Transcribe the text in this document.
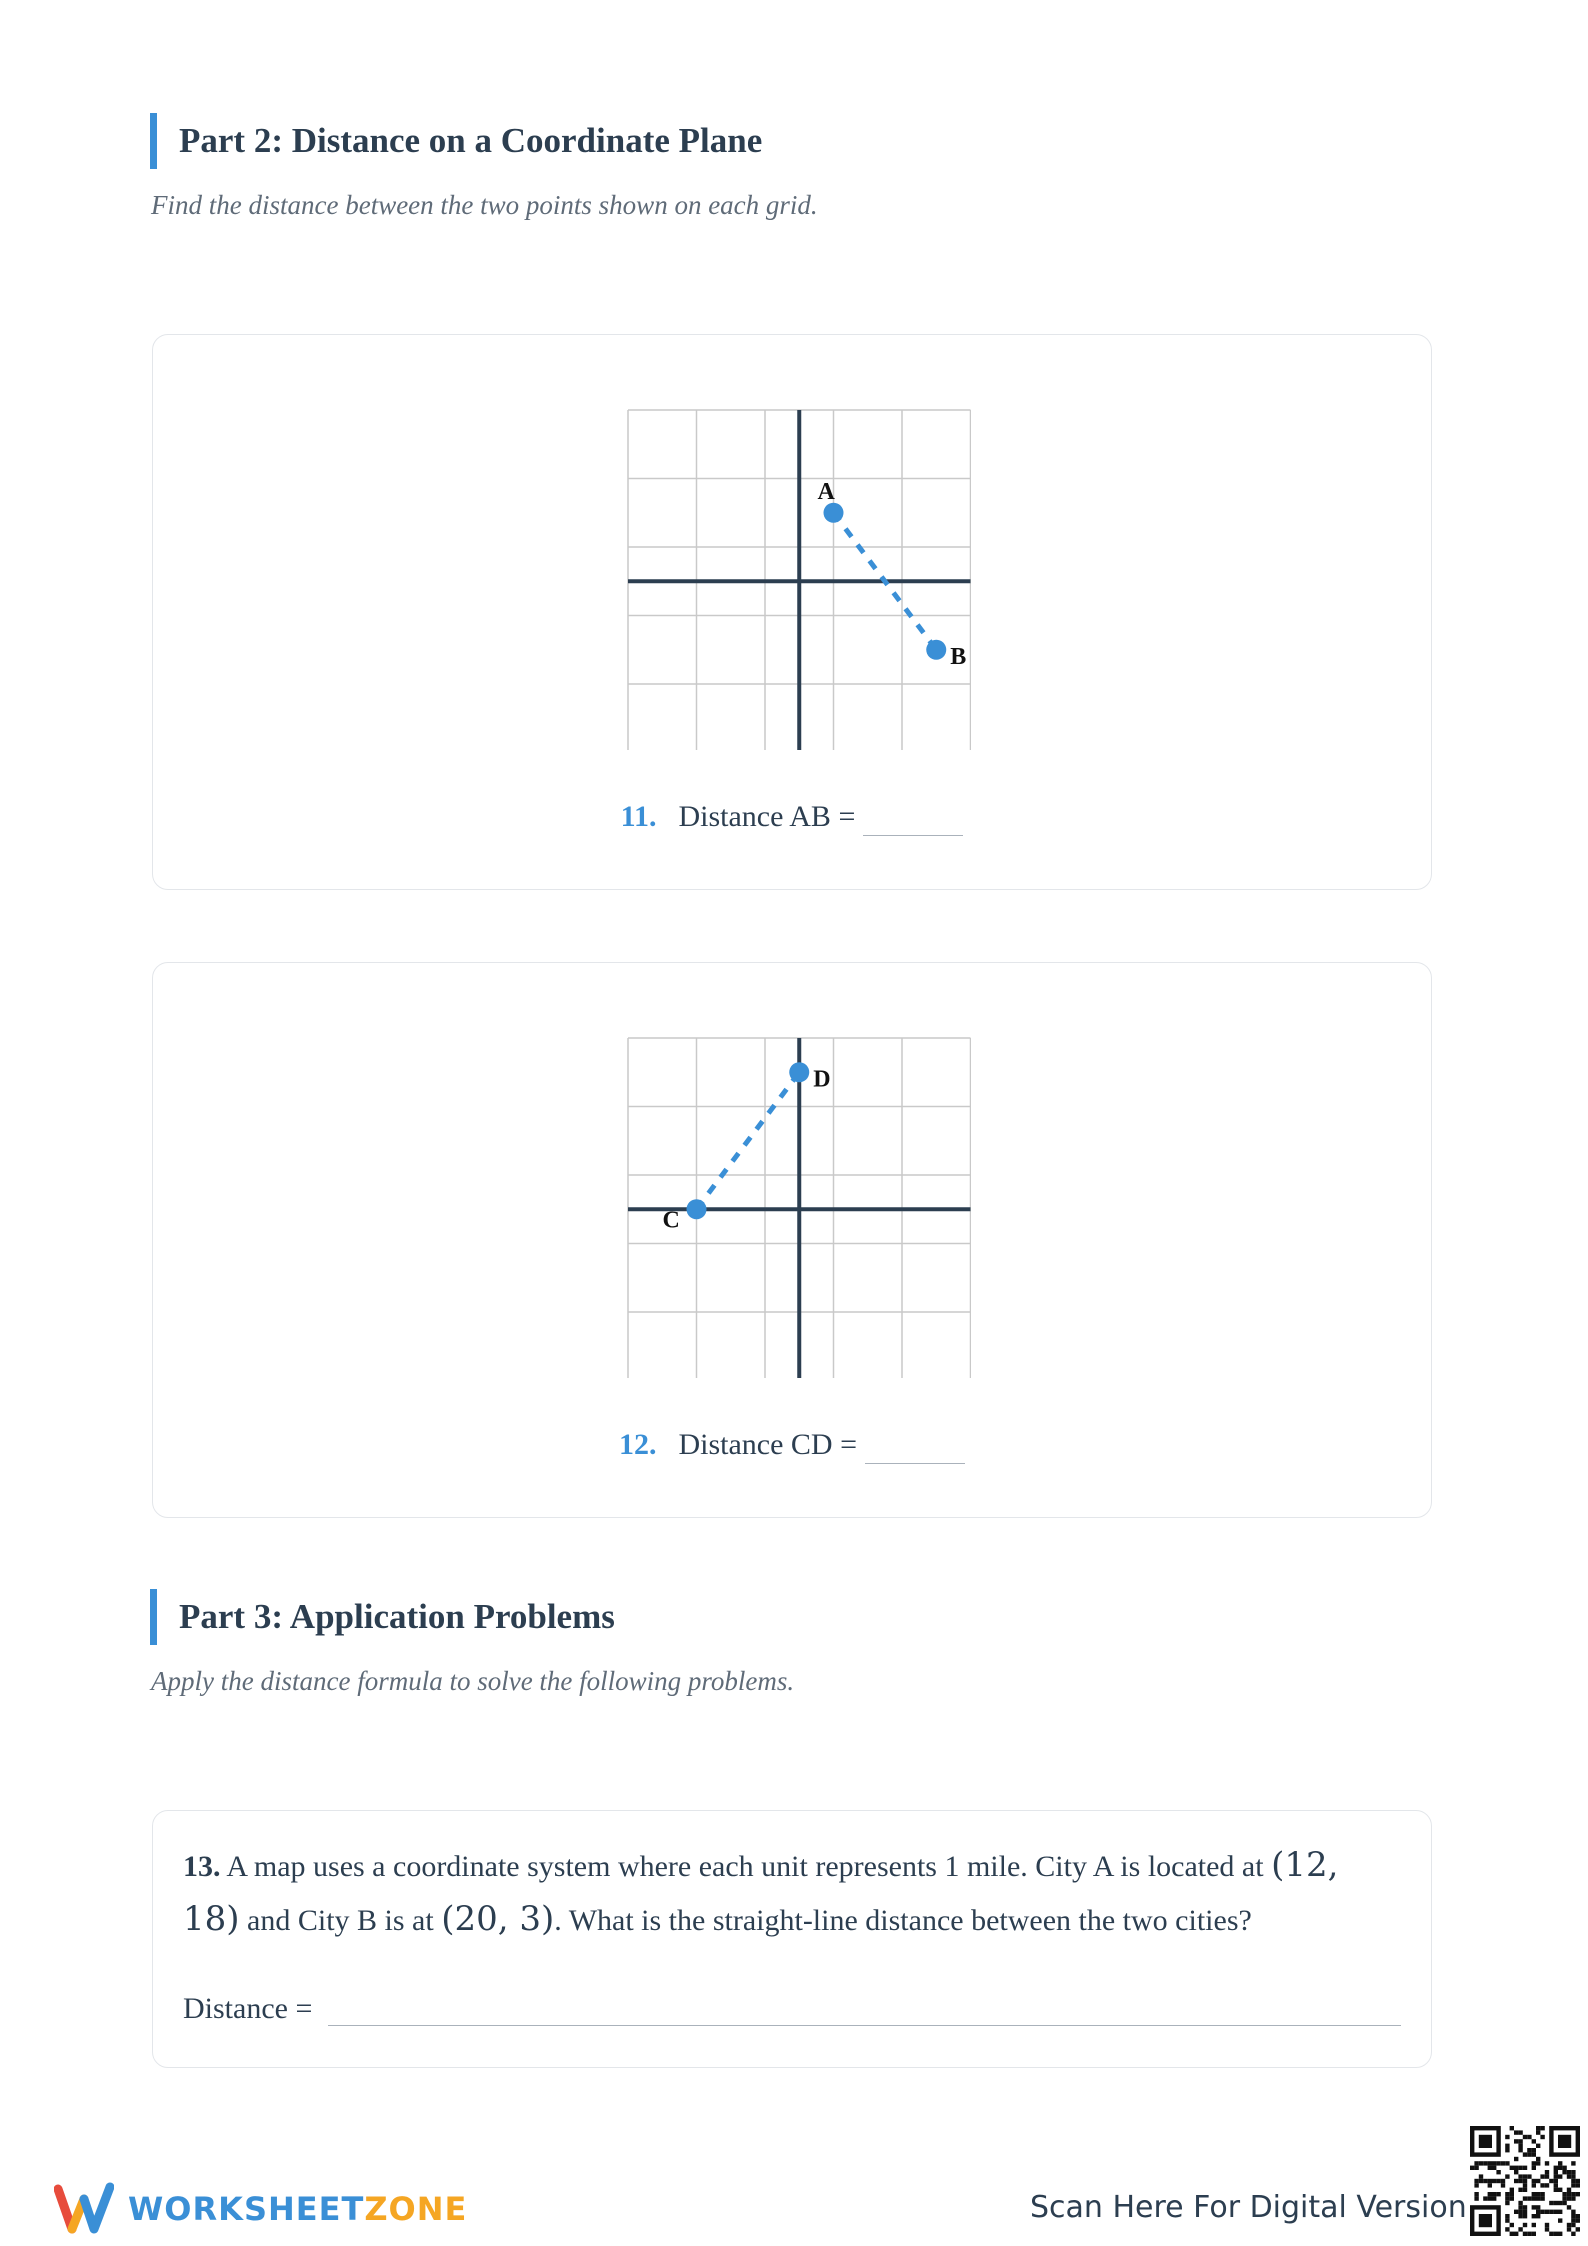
Part 2: Distance on a Coordinate Plane
Find the distance between the two points shown on each grid.
A
B
11. Distance AB =
C
D
12. Distance CD =
Part 3: Application Problems
Apply the distance formula to solve the following problems.
13. A map uses a coordinate system where each unit represents 1 mile. City A is located at (12, 18) and City B is at (20, 3). What is the straight-line distance between the two cities?
Distance =
WORKSHEETZONE	Scan Here For Digital Version
